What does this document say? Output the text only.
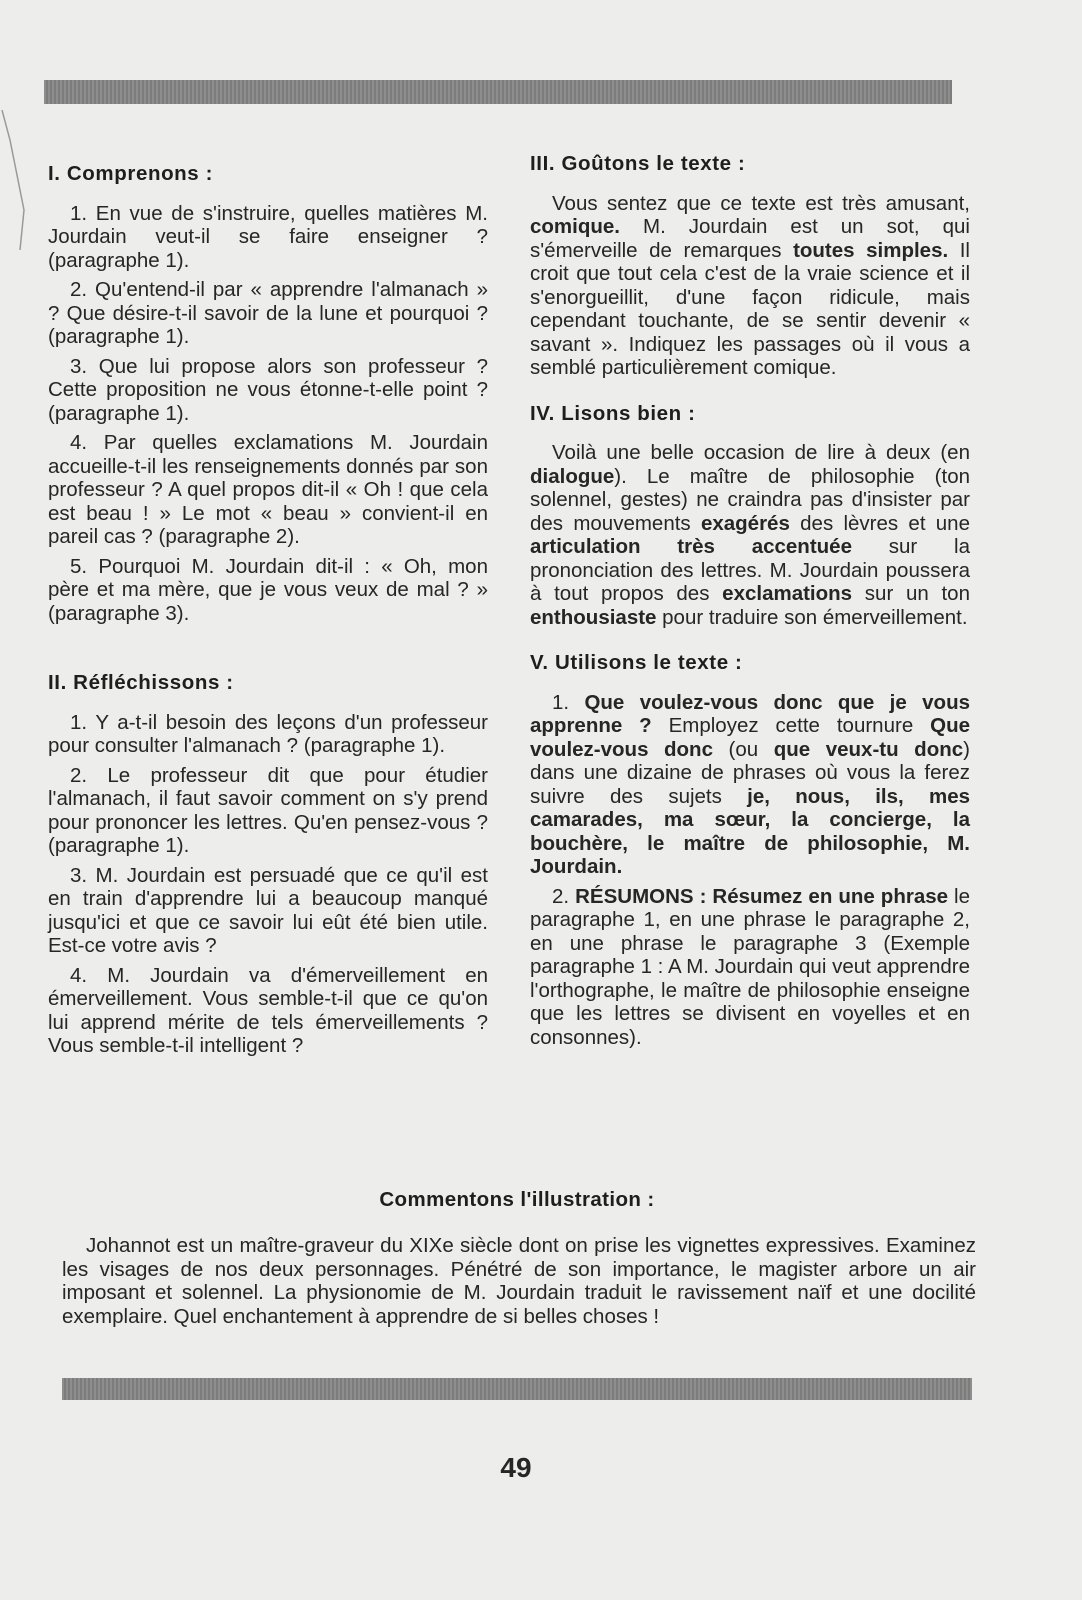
I. Comprenons :

1. En vue de s'instruire, quelles matières M. Jourdain veut-il se faire enseigner ? (paragraphe 1).

2. Qu'entend-il par « apprendre l'almanach » ? Que désire-t-il savoir de la lune et pourquoi ? (paragraphe 1).

3. Que lui propose alors son professeur ? Cette proposition ne vous étonne-t-elle point ? (paragraphe 1).

4. Par quelles exclamations M. Jourdain accueille-t-il les renseignements donnés par son professeur ? A quel propos dit-il « Oh ! que cela est beau ! » Le mot « beau » convient-il en pareil cas ? (paragraphe 2).

5. Pourquoi M. Jourdain dit-il : « Oh, mon père et ma mère, que je vous veux de mal ? » (paragraphe 3).

II. Réfléchissons :

1. Y a-t-il besoin des leçons d'un professeur pour consulter l'almanach ? (paragraphe 1).

2. Le professeur dit que pour étudier l'almanach, il faut savoir comment on s'y prend pour prononcer les lettres. Qu'en pensez-vous ? (paragraphe 1).

3. M. Jourdain est persuadé que ce qu'il est en train d'apprendre lui a beaucoup manqué jusqu'ici et que ce savoir lui eût été bien utile. Est-ce votre avis ?

4. M. Jourdain va d'émerveillement en émerveillement. Vous semble-t-il que ce qu'on lui apprend mérite de tels émerveillements ? Vous semble-t-il intelligent ?

III. Goûtons le texte :

Vous sentez que ce texte est très amusant, comique. M. Jourdain est un sot, qui s'émerveille de remarques toutes simples. Il croit que tout cela c'est de la vraie science et il s'enorgueillit, d'une façon ridicule, mais cependant touchante, de se sentir devenir « savant ». Indiquez les passages où il vous a semblé particulièrement comique.

IV. Lisons bien :

Voilà une belle occasion de lire à deux (en dialogue). Le maître de philosophie (ton solennel, gestes) ne craindra pas d'insister par des mouvements exagérés des lèvres et une articulation très accentuée sur la prononciation des lettres. M. Jourdain poussera à tout propos des exclamations sur un ton enthousiaste pour traduire son émerveillement.

V. Utilisons le texte :

1. Que voulez-vous donc que je vous apprenne ? Employez cette tournure Que voulez-vous donc (ou que veux-tu donc) dans une dizaine de phrases où vous la ferez suivre des sujets je, nous, ils, mes camarades, ma sœur, la concierge, la bouchère, le maître de philosophie, M. Jourdain.

2. RÉSUMONS : Résumez en une phrase le paragraphe 1, en une phrase le paragraphe 2, en une phrase le paragraphe 3 (Exemple paragraphe 1 : A M. Jourdain qui veut apprendre l'orthographe, le maître de philosophie enseigne que les lettres se divisent en voyelles et en consonnes).

Commentons l'illustration :

Johannot est un maître-graveur du XIXe siècle dont on prise les vignettes expressives. Examinez les visages de nos deux personnages. Pénétré de son importance, le magister arbore un air imposant et solennel. La physionomie de M. Jourdain traduit le ravissement naïf et une docilité exemplaire. Quel enchantement à apprendre de si belles choses !

49
